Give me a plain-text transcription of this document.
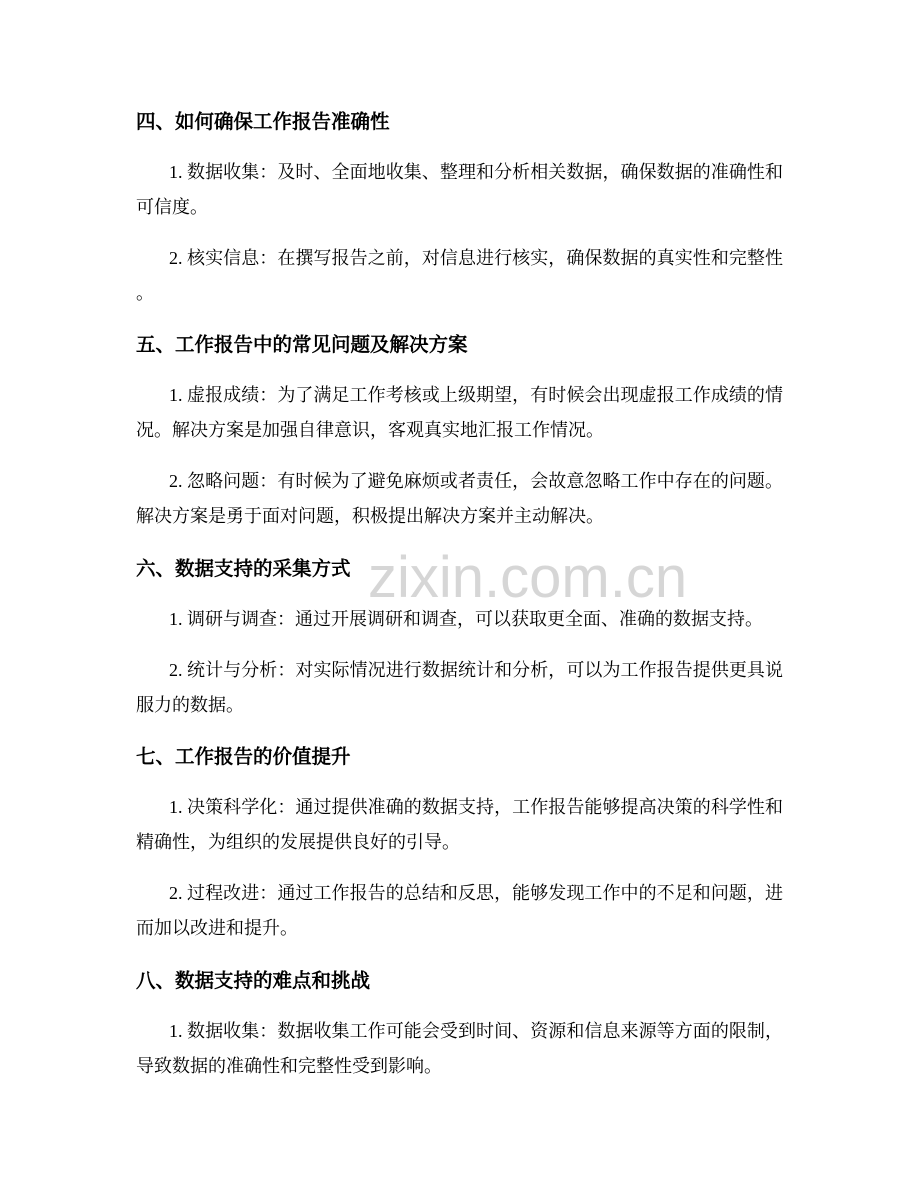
zixin.com.cn
四、如何确保工作报告准确性

1. 数据收集：及时、全面地收集、整理和分析相关数据，确保数据的准确性和可信度。

2. 核实信息：在撰写报告之前，对信息进行核实，确保数据的真实性和完整性。

五、工作报告中的常见问题及解决方案

1. 虚报成绩：为了满足工作考核或上级期望，有时候会出现虚报工作成绩的情况。解决方案是加强自律意识，客观真实地汇报工作情况。

2. 忽略问题：有时候为了避免麻烦或者责任，会故意忽略工作中存在的问题。解决方案是勇于面对问题，积极提出解决方案并主动解决。

六、数据支持的采集方式

1. 调研与调查：通过开展调研和调查，可以获取更全面、准确的数据支持。

2. 统计与分析：对实际情况进行数据统计和分析，可以为工作报告提供更具说服力的数据。

七、工作报告的价值提升

1. 决策科学化：通过提供准确的数据支持，工作报告能够提高决策的科学性和精确性，为组织的发展提供良好的引导。

2. 过程改进：通过工作报告的总结和反思，能够发现工作中的不足和问题，进而加以改进和提升。

八、数据支持的难点和挑战

1. 数据收集：数据收集工作可能会受到时间、资源和信息来源等方面的限制，导致数据的准确性和完整性受到影响。
